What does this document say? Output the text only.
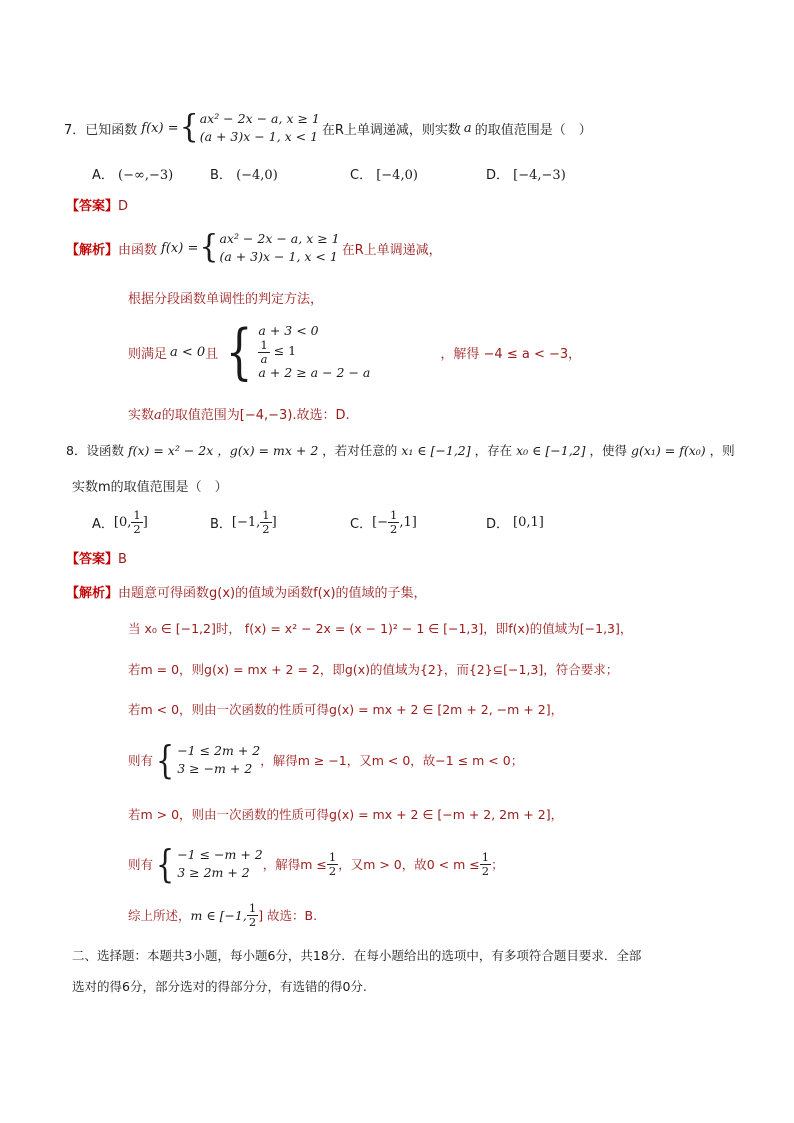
7．已知函数 f(x) = { ax² − 2x − a, x ≥ 1
(a + 3)x − 1, x < 1 在R上单调递减，则实数 a 的取值范围是（　）
A． (−∞,−3)	B． (−4,0)	C． [−4,0)	D． [−4,−3)
【答案】D
【解析】 由函数 f(x) = { ax² − 2x − a, x ≥ 1
(a + 3)x − 1, x < 1 在R上单调递减，
根据分段函数单调性的判定方法，
则满足 a < 0 且 { a + 3 < 0
$\frac{1}{a} \le 1$
a + 2 ≥ a − 2 − a
，解得 −4 ≤ a < −3，
实数a的取值范围为[−4,−3).故选：D.
8．设函数 f(x) = x² − 2x ，g(x) = mx + 2 ，若对任意的 x₁ ∈ [−1,2] ，存在 x₀ ∈ [−1,2] ，使得 g(x₁) = f(x₀) ，则
实数m的取值范围是（　）
A． [0, $\frac{1}{2}$ ]	B． [−1, $\frac{1}{2}$ ]	C． [− $\frac{1}{2} ,1$]	D． [0,1]
【答案】B
【解析】由题意可得函数g(x)的值域为函数f(x)的值域的子集，
当 x₀ ∈ [−1,2]时， f(x) = x² − 2x = (x − 1)² − 1 ∈ [−1,3]，即f(x)的值域为[−1,3]，
若m = 0，则g(x) = mx + 2 = 2，即g(x)的值域为{2}，而{2}⊆[−1,3]，符合要求；
若m < 0，则由一次函数的性质可得g(x) = mx + 2 ∈ [2m + 2, −m + 2]，
则有 { −1 ≤ 2m + 2
3 ≥ −m + 2
，解得m ≥ −1，又m < 0，故−1 ≤ m < 0；
若m > 0，则由一次函数的性质可得g(x) = mx + 2 ∈ [−m + 2, 2m + 2]，
则有 { −1 ≤ −m + 2
3 ≥ 2m + 2
，解得$m \le \frac{1}{2}$ ，又m > 0，故$0 < m \le \frac{1}{2}$ ；
综上所述， m ∈ [−1, $\frac{1}{2}$ ] 故选：B.
二、选择题：本题共3小题，每小题6分，共18分．在每小题给出的选项中，有多项符合题目要求．全部
选对的得6分，部分选对的得部分分，有选错的得0分.
